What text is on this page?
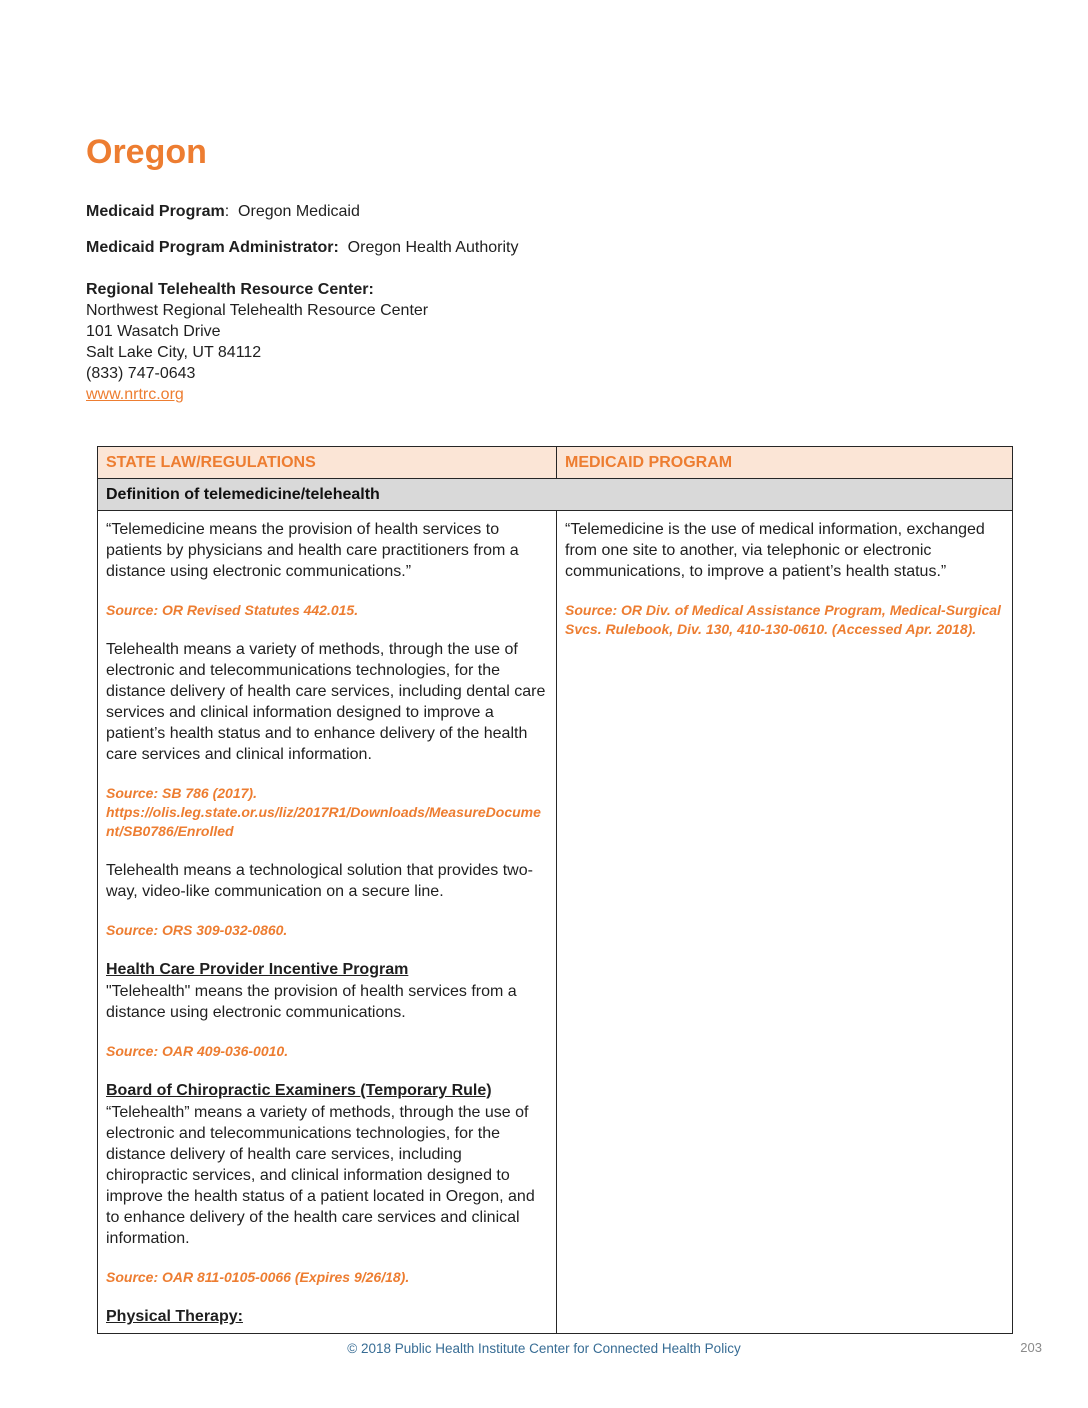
Oregon

Medicaid Program:  Oregon Medicaid

Medicaid Program Administrator:  Oregon Health Authority

Regional Telehealth Resource Center:

Northwest Regional Telehealth Resource Center

101 Wasatch Drive

Salt Lake City, UT 84112

(833) 747-0643

www.nrtrc.org

STATE LAW/REGULATIONS	MEDICAID PROGRAM
Definition of telemedicine/telehealth

“Telemedicine means the provision of health services to patients by physicians and health care practitioners from a distance using electronic communications.”

Source: OR Revised Statutes 442.015.

Telehealth means a variety of methods, through the use of electronic and telecommunications technologies, for the distance delivery of health care services, including dental care services and clinical information designed to improve a patient’s health status and to enhance delivery of the health care services and clinical information.

Source: SB 786 (2017).
https://olis.leg.state.or.us/liz/2017R1/Downloads/MeasureDocument/SB0786/Enrolled

Telehealth means a technological solution that provides two-way, video-like communication on a secure line.

Source: ORS 309-032-0860.

Health Care Provider Incentive Program

"Telehealth" means the provision of health services from a distance using electronic communications.

Source: OAR 409-036-0010.

Board of Chiropractic Examiners (Temporary Rule)

“Telehealth” means a variety of methods, through the use of electronic and telecommunications technologies, for the distance delivery of health care services, including chiropractic services, and clinical information designed to improve the health status of a patient located in Oregon, and to enhance delivery of the health care services and clinical information.

Source: OAR 811-0105-0066 (Expires 9/26/18).

Physical Therapy:

“Telemedicine is the use of medical information, exchanged from one site to another, via telephonic or electronic communications, to improve a patient’s health status.”

Source: OR Div. of Medical Assistance Program, Medical-Surgical Svcs. Rulebook, Div. 130, 410-130-0610. (Accessed Apr. 2018).

© 2018 Public Health Institute Center for Connected Health Policy	203
